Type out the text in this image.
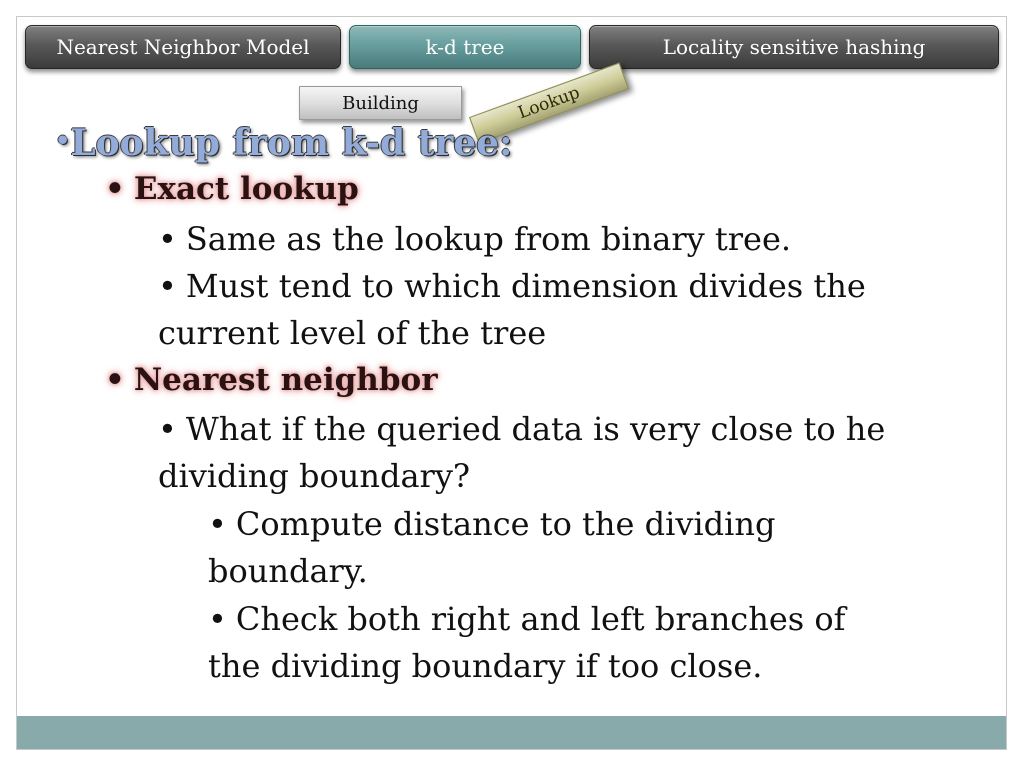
Nearest Neighbor Model	k-d tree	Locality sensitive hashing
Building	Lookup
•Lookup from k-d tree:
• Exact lookup
• Same as the lookup from binary tree.
• Must tend to which dimension divides the
current level of the tree
• Nearest neighbor
• What if the queried data is very close to he
dividing boundary?
• Compute distance to the dividing
boundary.
• Check both right and left branches of
the dividing boundary if too close.
